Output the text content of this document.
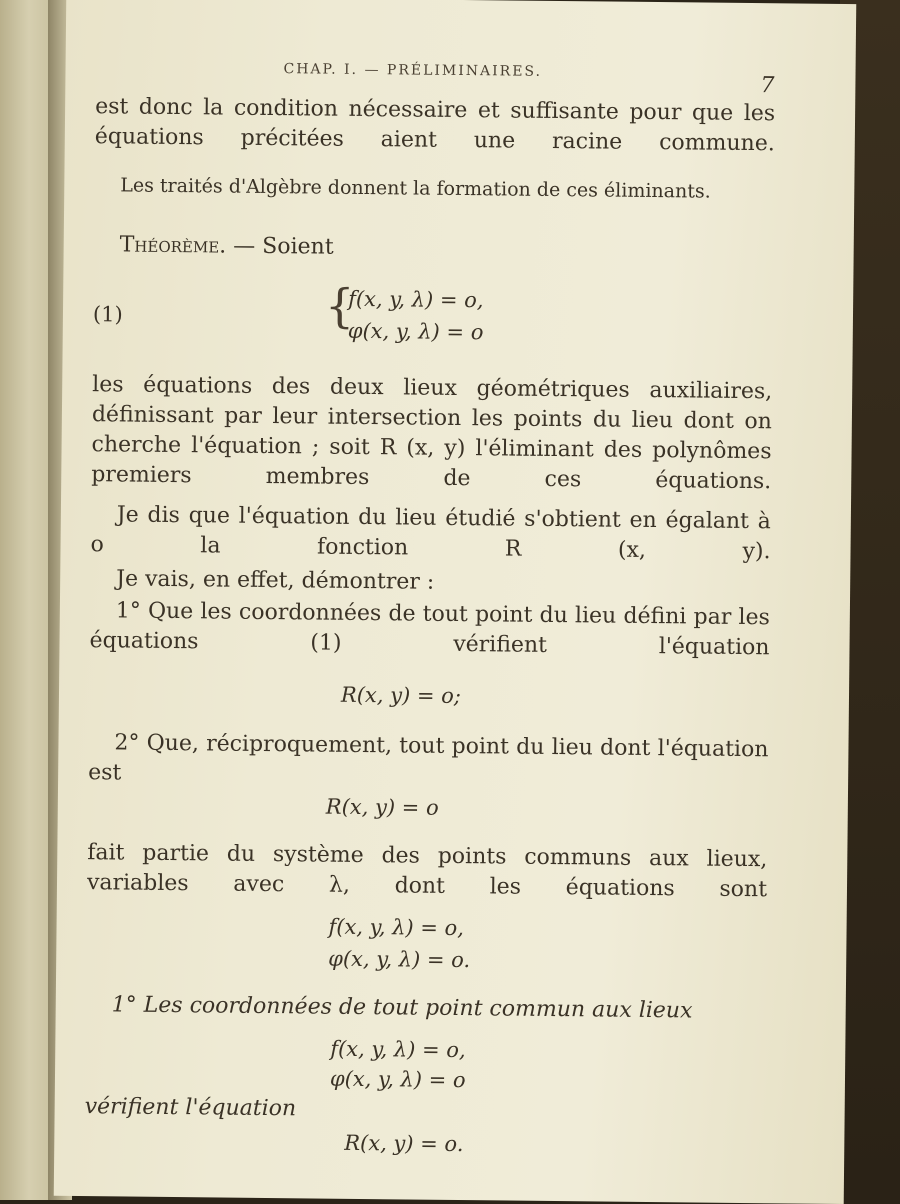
CHAP. I. — PRÉLIMINAIRES.
7
est donc la condition nécessaire et suffisante pour que les équations précitées aient une racine commune.
Les traités d'Algèbre donnent la formation de ces éliminants.
Théorème. — Soient
(1)	{
f(x, y, λ) = o,
φ(x, y, λ) = o
les équations des deux lieux géométriques auxiliaires, définissant par leur intersection les points du lieu dont on cherche l'équation ; soit R (x, y) l'éliminant des polynômes premiers membres de ces équations.
Je dis que l'équation du lieu étudié s'obtient en égalant à o la fonction R (x, y).
Je vais, en effet, démontrer :
1° Que les coordonnées de tout point du lieu défini par les équations (1) vérifient l'équation
R(x, y) = o;
2° Que, réciproquement, tout point du lieu dont l'équation est
R(x, y) = o
fait partie du système des points communs aux lieux, variables avec λ, dont les équations sont
f(x, y, λ) = o,
φ(x, y, λ) = o.
1° Les coordonnées de tout point commun aux lieux
f(x, y, λ) = o,
φ(x, y, λ) = o
vérifient l'équation
R(x, y) = o.
